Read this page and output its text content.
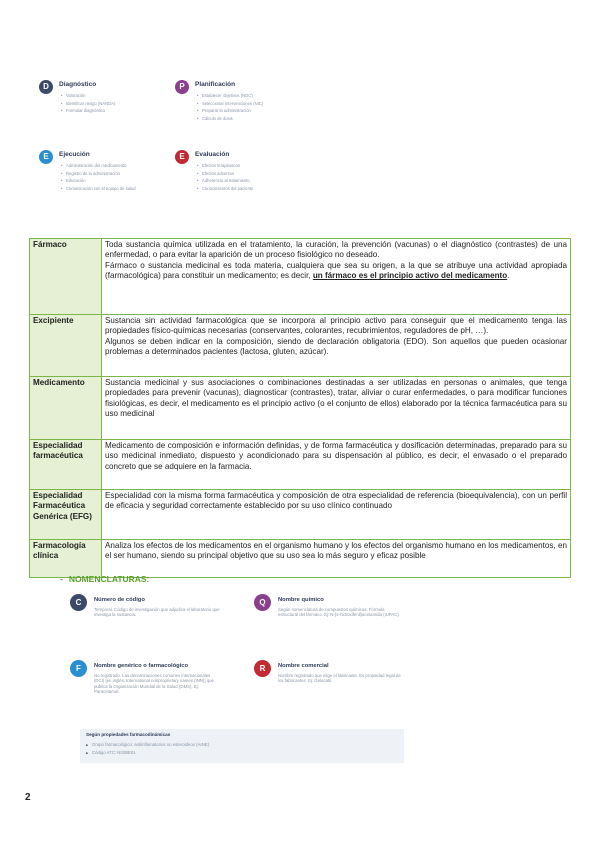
D	Diagnóstico
• Valoración
• Identificar riesgo (NANDA)
• Formular diagnóstico
P	Planificación
• Establecer objetivos (NOC)
• Seleccionar intervenciones (NIC)
• Preparar la administración
• Cálculo de dosis
E	Ejecución
• Administración del medicamento
• Registro de la administración
• Educación
• Comunicación con el equipo de salud
E	Evaluación
• Efectos terapéuticos
• Efectos adversos
• Adherencia al tratamiento
• Conocimientos del paciente
Fármaco	Toda sustancia química utilizada en el tratamiento, la curación, la prevención (vacunas) o el diagnóstico (contrastes) de una enfermedad, o para evitar la aparición de un proceso fisiológico no deseado.
Fármaco o sustancia medicinal es toda materia, cualquiera que sea su origen, a la que se atribuye una actividad apropiada (farmacológica) para constituir un medicamento; es decir, un fármaco es el principio activo del medicamento.

Excipiente	Sustancia sin actividad farmacológica que se incorpora al principio activo para conseguir que el medicamento tenga las propiedades físico-químicas necesarias (conservantes, colorantes, recubrimientos, reguladores de pH, …).
Algunos se deben indicar en la composición, siendo de declaración obligatoria (EDO). Son aquellos que pueden ocasionar problemas a determinados pacientes (lactosa, gluten, azúcar).

Medicamento	Sustancia medicinal y sus asociaciones o combinaciones destinadas a ser utilizadas en personas o animales, que tenga propiedades para prevenir (vacunas), diagnosticar (contrastes), tratar, aliviar o curar enfermedades, o para modificar funciones fisiológicas, es decir, el medicamento es el principio activo (o el conjunto de ellos) elaborado por la técnica farmacéutica para su uso medicinal

Especialidad farmacéutica	Medicamento de composición e información definidas, y de forma farmacéutica y dosificación determinadas, preparado para su uso medicinal inmediato, dispuesto y acondicionado para su dispensación al público, es decir, el envasado o el preparado concreto que se adquiere en la farmacia.

Especialidad Farmacéutica Genérica (EFG)	Especialidad con la misma forma farmacéutica y composición de otra especialidad de referencia (bioequivalencia), con un perfil de eficacia y seguridad correctamente establecido por su uso clínico continuado

Farmacología clínica	Analiza los efectos de los medicamentos en el organismo humano y los efectos del organismo humano en los medicamentos, en el ser humano, siendo su principal objetivo que su uso sea lo más seguro y eficaz posible
- NOMENCLATURAS:
C	Número de código
Temporal. Código de investigación que adjudica el laboratorio que investiga la sustancia.
Q	Nombre químico
Según nomenclatura de compuestos químicos. Fórmula estructural del fármaco. Ej: N-(4-hidroxifenil)acetamida (IUPAC).
F	Nombre genérico o farmacológico
No registrado. Las denominaciones comunes internacionales (DCI) [en inglés, International nonproprietary names (INN)] que publica la Organización Mundial de la Salud (OMS). Ej: Paracetamol.
R	Nombre comercial
Nombre registrado que elige el fabricante. Es propiedad legal de los fabricantes. Ej: Gelocatil.
Según propiedades farmacodinámicas
■ Grupo farmacológico: antiinflamatorios no esteroideos (AINE)
■ Código ATC: N02BE01
2
